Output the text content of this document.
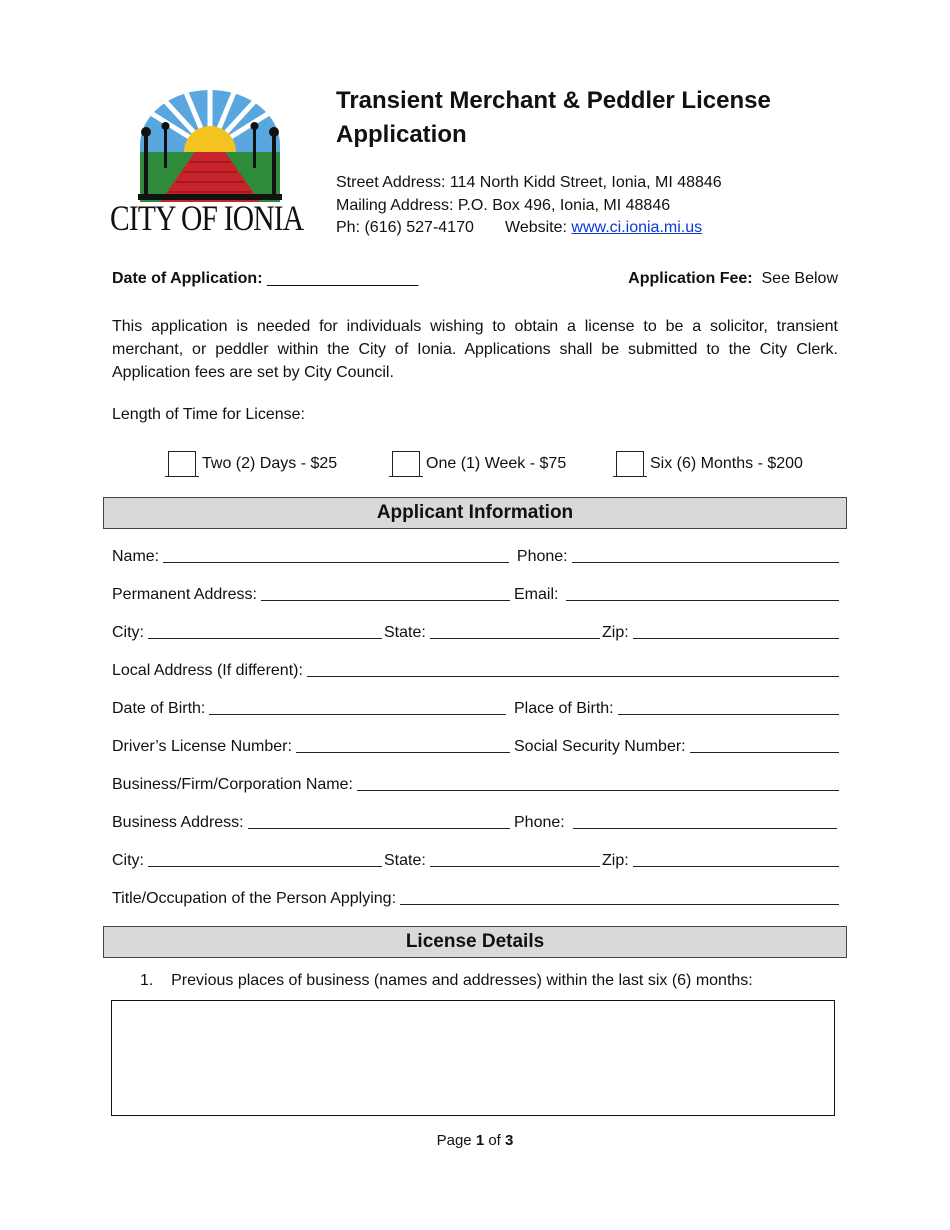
CITY OF IONIA
Transient Merchant & Peddler License
Application
Street Address: 114 North Kidd Street, Ionia, MI 48846
Mailing Address: P.O. Box 496, Ionia, MI 48846
Ph: (616) 527-4170 Website: www.ci.ionia.mi.us
Date of Application: _________________	Application Fee: See Below
This application is needed for individuals wishing to obtain a license to be a solicitor, transient merchant, or peddler within the City of Ionia. Applications shall be submitted to the City Clerk. Application fees are set by City Council.
Length of Time for License:
Two (2) Days - $25	One (1) Week - $75	Six (6) Months - $200
Applicant Information
Name:	Phone:
Permanent Address:	Email:
City:	State:	Zip:
Local Address (If different):
Date of Birth:	Place of Birth:
Driver’s License Number:	Social Security Number:
Business/Firm/Corporation Name:
Business Address:	Phone:
City:	State:	Zip:
Title/Occupation of the Person Applying:
License Details
1. Previous places of business (names and addresses) within the last six (6) months:
Page 1 of 3
